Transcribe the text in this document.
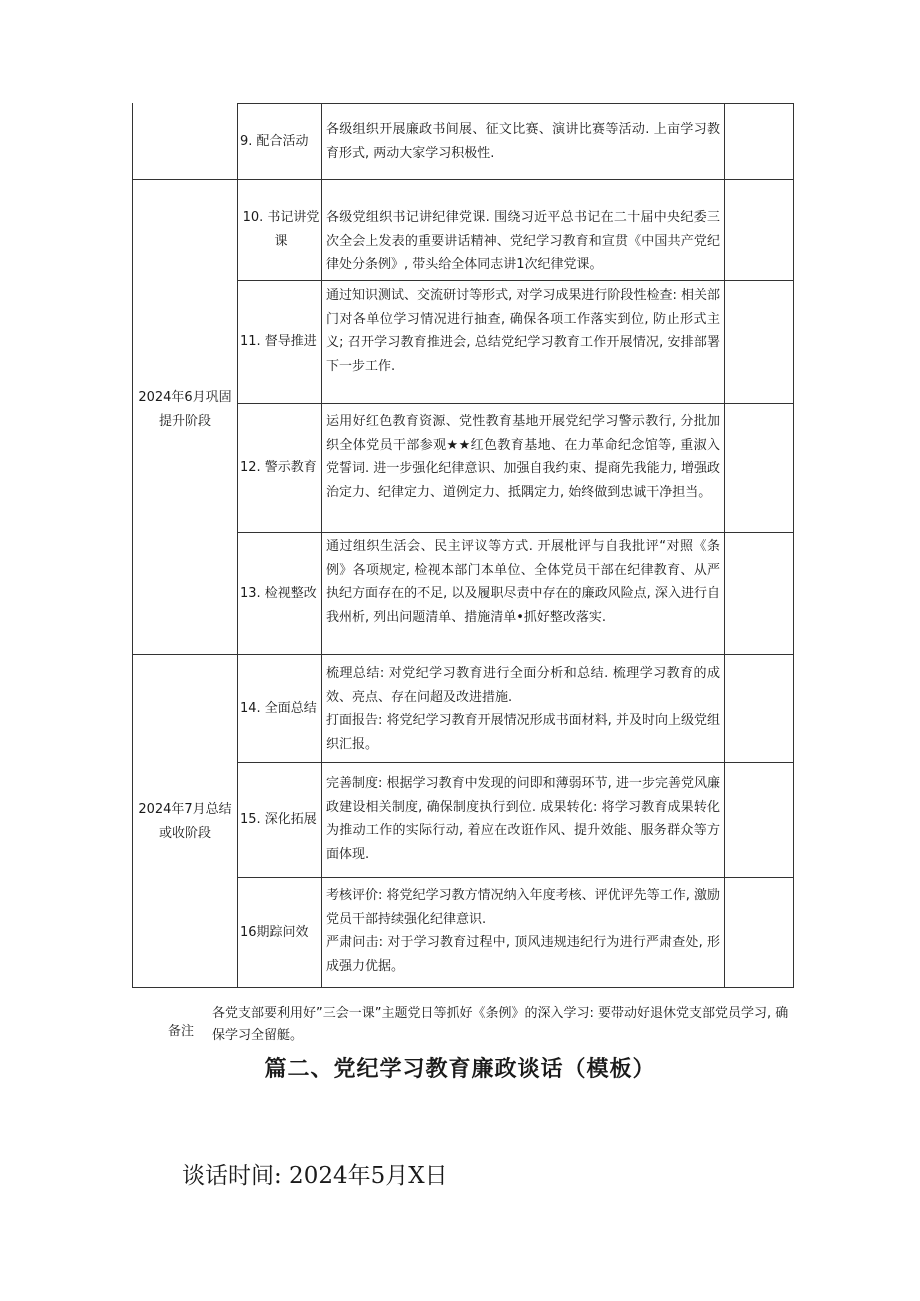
2024年6月巩固提升阶段
2024年7月总结或收阶段
9. 配合活动
各级组织开展廉政书间展、征文比赛、演讲比赛等活动. 上亩学习教育形式, 两动大家学习积极性.
10. 书记讲党课
各级党组织书记讲纪律党课. 围绕习近平总书记在二十届中央纪委三次全会上发表的重要讲话精神、党纪学习教育和宣贯《中国共产党纪律处分条例》, 带头给全体同志讲1次纪律党课。
11. 督导推进
通过知识测试、交流研讨等形式, 对学习成果进行阶段性检查: 相关部门对各单位学习情况进行抽查, 确保各项工作落实到位, 防止形式主义; 召开学习教育推进会, 总结党纪学习教育工作开展情况, 安排部署下一步工作.
12. 警示教育
运用好红色教育资源、党性教育基地开展党纪学习警示教行, 分批加织全体党员干部参观★★红色教育基地、在力革命纪念馆等, 重淑入党誓词. 进一步强化纪律意识、加强自我约束、提商先我能力, 增强政治定力、纪律定力、道例定力、抵隅定力, 始终做到忠诚干净担当。
13. 检视整改
通过组织生活会、民主评议等方式. 开展枇评与自我批评“对照《条例》各项规定, 检视本部门本单位、全体党员干部在纪律教育、从严执纪方面存在的不足, 以及履职尽责中存在的廉政风险点, 深入进行自我州析, 列出问题清单、措施清单•抓好整改落实.
14. 全面总结
梳理总结: 对党纪学习教育进行全面分析和总结. 梳理学习教育的成效、亮点、存在问超及改进措施.
打面报告: 将党纪学习教育开展情况形成书面材料, 并及时向上级党组织汇报。
15. 深化拓展
完善制度: 根据学习教育中发现的问即和薄弱环节, 进一步完善党风廉政建设相关制度, 确保制度执行到位. 成果转化: 将学习教育成果转化为推动工作的实际行动, 着应在改诳作风、提升效能、服务群众等方面体现.
16期踪问效
考核评价: 将党纪学习教方情况纳入年度考核、评优评先等工作, 激励党员干部持续强化纪律意识.
严肃问击: 对于学习教育过程中, 顶风违规违纪行为进行严肃查处, 形成强力优据。
备注
各党支部要利用好”三会一课”主题党日等抓好《条例》的深入学习: 要带动好退休党支部党员学习, 确保学习全留艇。
篇二、党纪学习教育廉政谈话（模板）
谈话时间: 2024年5月X日
